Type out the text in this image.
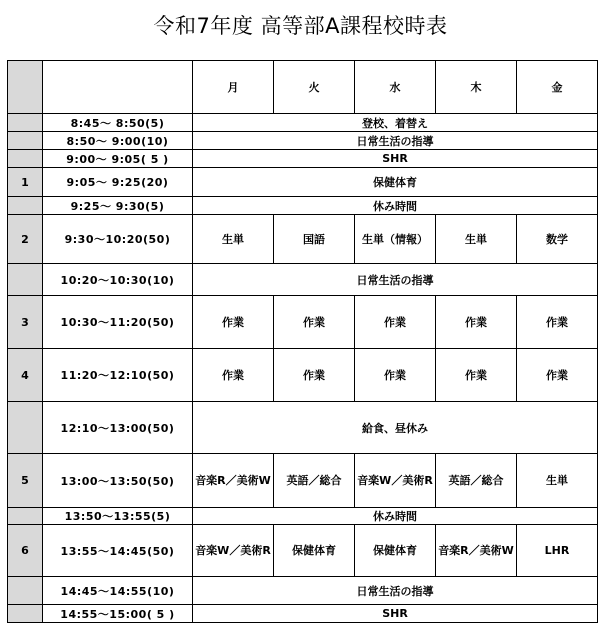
令和7年度 高等部A課程校時表
		月	火	水	木	金
	8:45～ 8:50(5)	登校、着替え				
	8:50～ 9:00(10)	日常生活の指導				
	9:00～ 9:05( 5 )	SHR				
1	9:05～ 9:25(20)	保健体育				
	9:25～ 9:30(5)	休み時間				
2	9:30～10:20(50)	生単	国語	生単（情報）	生単	数学
	10:20～10:30(10)	日常生活の指導				
3	10:30～11:20(50)	作業	作業	作業	作業	作業
4	11:20～12:10(50)	作業	作業	作業	作業	作業
	12:10～13:00(50)	給食、昼休み				
5	13:00～13:50(50)	音楽R／美術W	英語／総合	音楽W／美術R	英語／総合	生単
	13:50～13:55(5)	休み時間				
6	13:55～14:45(50)	音楽W／美術R	保健体育	保健体育	音楽R／美術W	LHR
	14:45～14:55(10)	日常生活の指導				
	14:55～15:00( 5 )	SHR				
